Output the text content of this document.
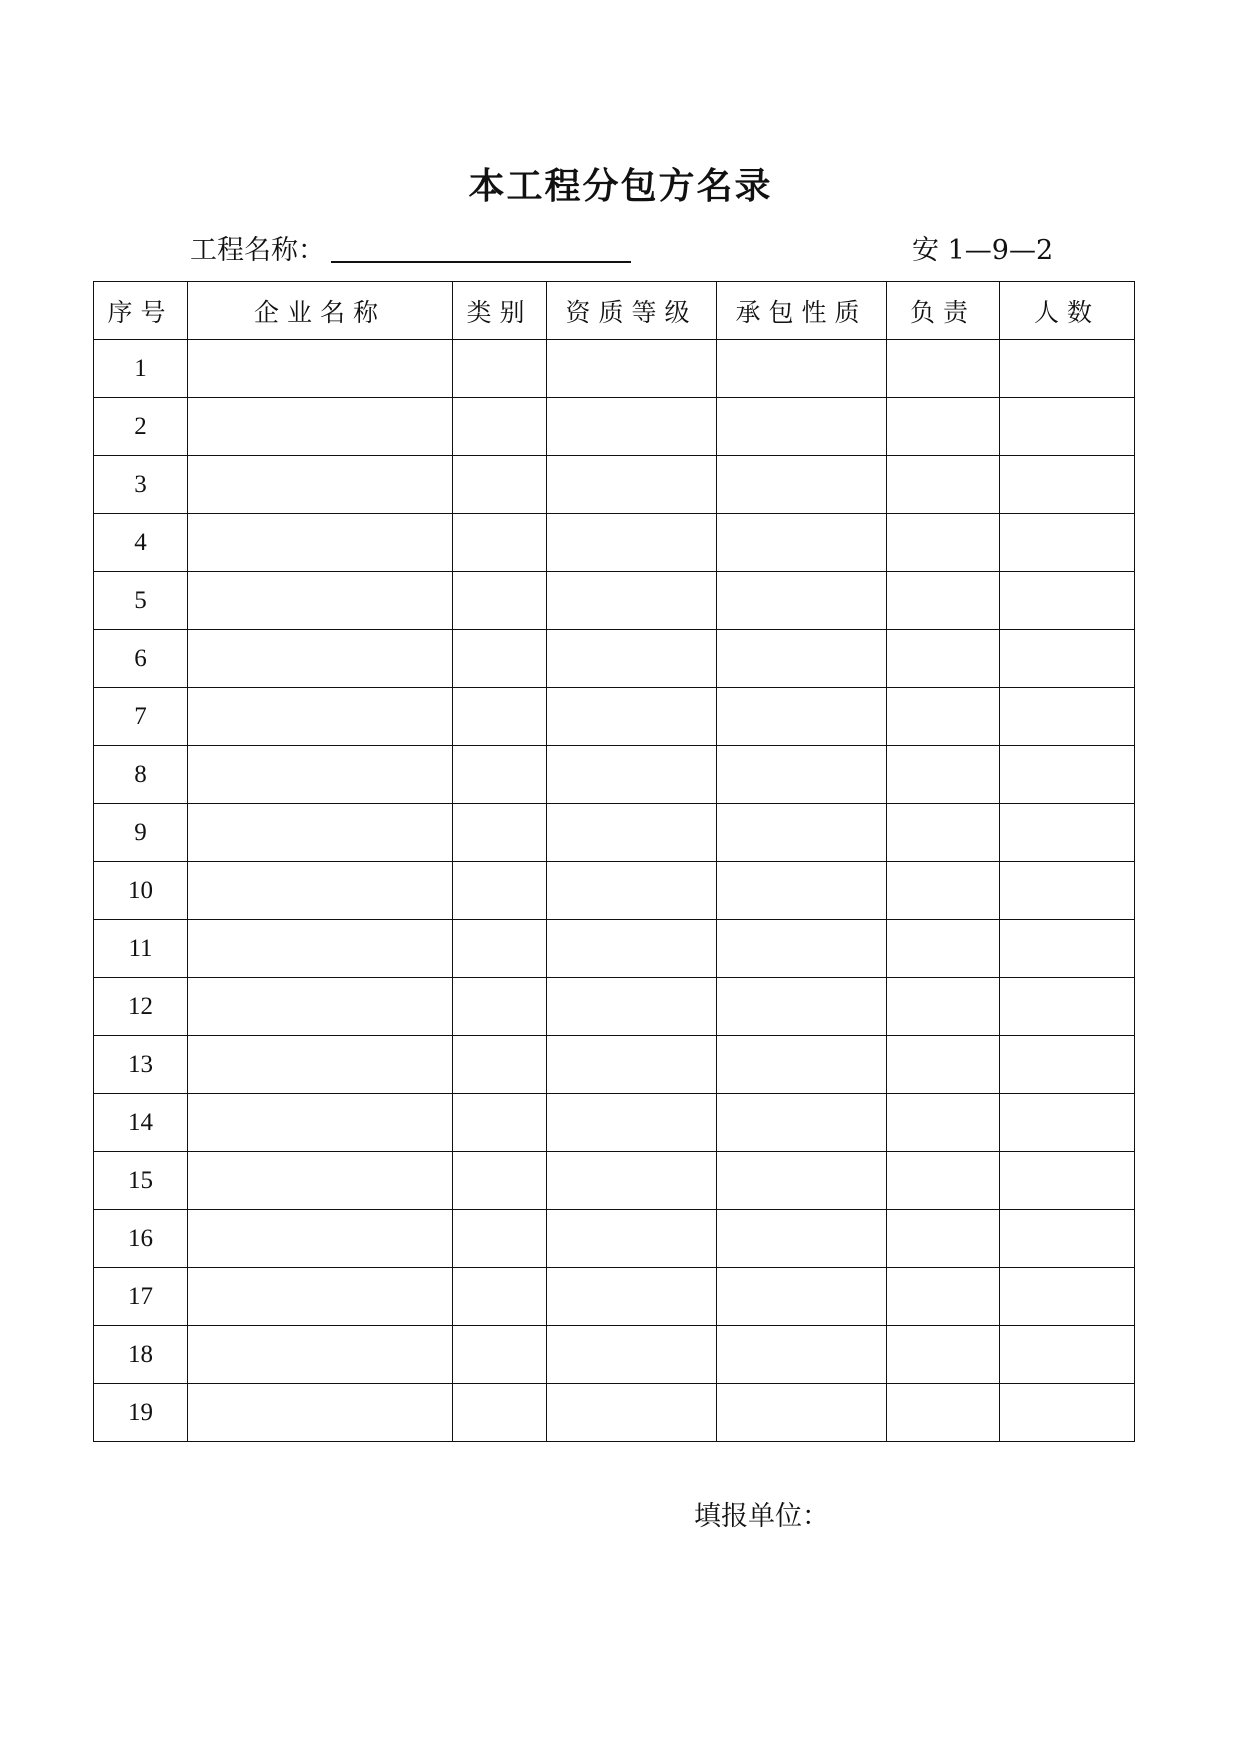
本工程分包方名录
工程名称：	安 1—9—2
序号	企业名称	类别	资质等级	承包性质	负责	人数
1						
2						
3						
4						
5						
6						
7						
8						
9						
10						
11						
12						
13						
14						
15						
16						
17						
18						
19						
填报单位：
